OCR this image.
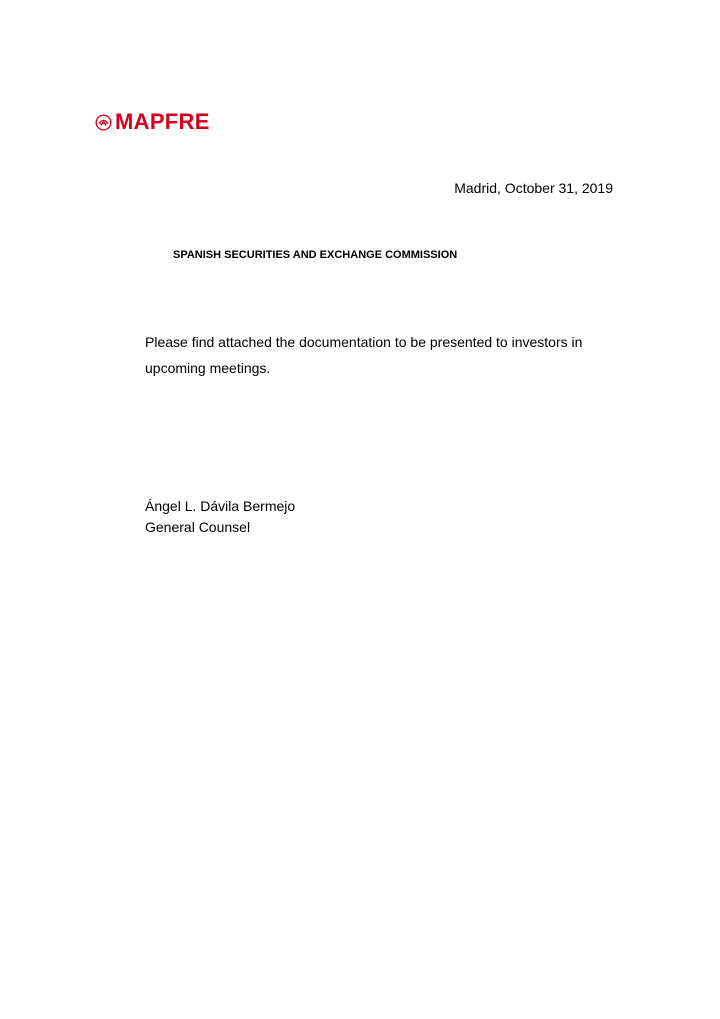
MAPFRE
Madrid, October 31, 2019
SPANISH SECURITIES AND EXCHANGE COMMISSION
Please find attached the documentation to be presented to investors in upcoming meetings.
Ángel L. Dávila Bermejo
General Counsel
